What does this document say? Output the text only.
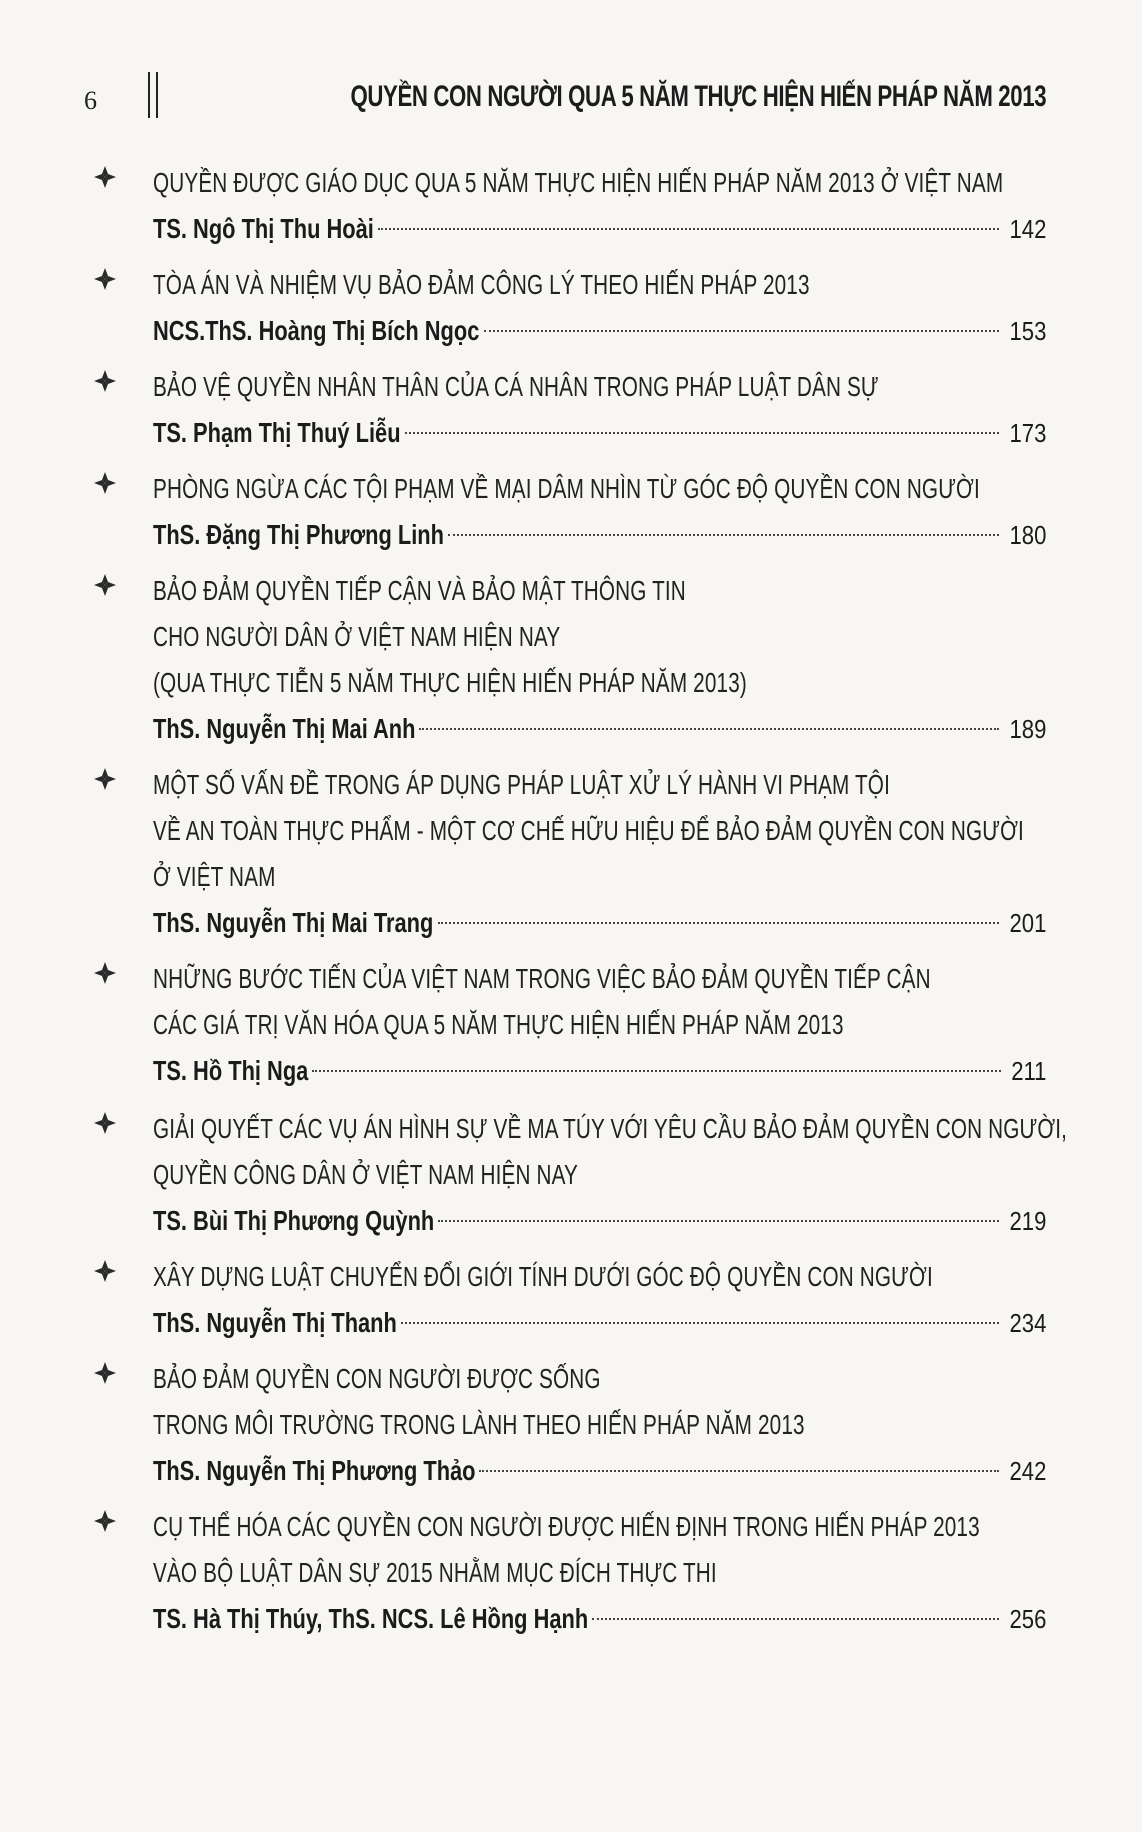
6	QUYỀN CON NGƯỜI QUA 5 NĂM THỰC HIỆN HIẾN PHÁP NĂM 2013
QUYỀN ĐƯỢC GIÁO DỤC QUA 5 NĂM THỰC HIỆN HIẾN PHÁP NĂM 2013 Ở VIỆT NAM
TS. Ngô Thị Thu Hoài	142
TÒA ÁN VÀ NHIỆM VỤ BẢO ĐẢM CÔNG LÝ THEO HIẾN PHÁP 2013
NCS.ThS. Hoàng Thị Bích Ngọc	153
BẢO VỆ QUYỀN NHÂN THÂN CỦA CÁ NHÂN TRONG PHÁP LUẬT DÂN SỰ
TS. Phạm Thị Thuý Liễu	173
PHÒNG NGỪA CÁC TỘI PHẠM VỀ MẠI DÂM NHÌN TỪ GÓC ĐỘ QUYỀN CON NGƯỜI
ThS. Đặng Thị Phương Linh	180
BẢO ĐẢM QUYỀN TIẾP CẬN VÀ BẢO MẬT THÔNG TIN
CHO NGƯỜI DÂN Ở VIỆT NAM HIỆN NAY
(QUA THỰC TIỄN 5 NĂM THỰC HIỆN HIẾN PHÁP NĂM 2013)
ThS. Nguyễn Thị Mai Anh	189
MỘT SỐ VẤN ĐỀ TRONG ÁP DỤNG PHÁP LUẬT XỬ LÝ HÀNH VI PHẠM TỘI
VỀ AN TOÀN THỰC PHẨM - MỘT CƠ CHẾ HỮU HIỆU ĐỂ BẢO ĐẢM QUYỀN CON NGƯỜI
Ở VIỆT NAM
ThS. Nguyễn Thị Mai Trang	201
NHỮNG BƯỚC TIẾN CỦA VIỆT NAM TRONG VIỆC BẢO ĐẢM QUYỀN TIẾP CẬN
CÁC GIÁ TRỊ VĂN HÓA QUA 5 NĂM THỰC HIỆN HIẾN PHÁP NĂM 2013
TS. Hồ Thị Nga	211
GIẢI QUYẾT CÁC VỤ ÁN HÌNH SỰ VỀ MA TÚY VỚI YÊU CẦU BẢO ĐẢM QUYỀN CON NGƯỜI,
QUYỀN CÔNG DÂN Ở VIỆT NAM HIỆN NAY
TS. Bùi Thị Phương Quỳnh	219
XÂY DỰNG LUẬT CHUYỂN ĐỔI GIỚI TÍNH DƯỚI GÓC ĐỘ QUYỀN CON NGƯỜI
ThS. Nguyễn Thị Thanh	234
BẢO ĐẢM QUYỀN CON NGƯỜI ĐƯỢC SỐNG
TRONG MÔI TRƯỜNG TRONG LÀNH THEO HIẾN PHÁP NĂM 2013
ThS. Nguyễn Thị Phương Thảo	242
CỤ THỂ HÓA CÁC QUYỀN CON NGƯỜI ĐƯỢC HIẾN ĐỊNH TRONG HIẾN PHÁP 2013
VÀO BỘ LUẬT DÂN SỰ 2015 NHẰM MỤC ĐÍCH THỰC THI
TS. Hà Thị Thúy, ThS. NCS. Lê Hồng Hạnh	256
